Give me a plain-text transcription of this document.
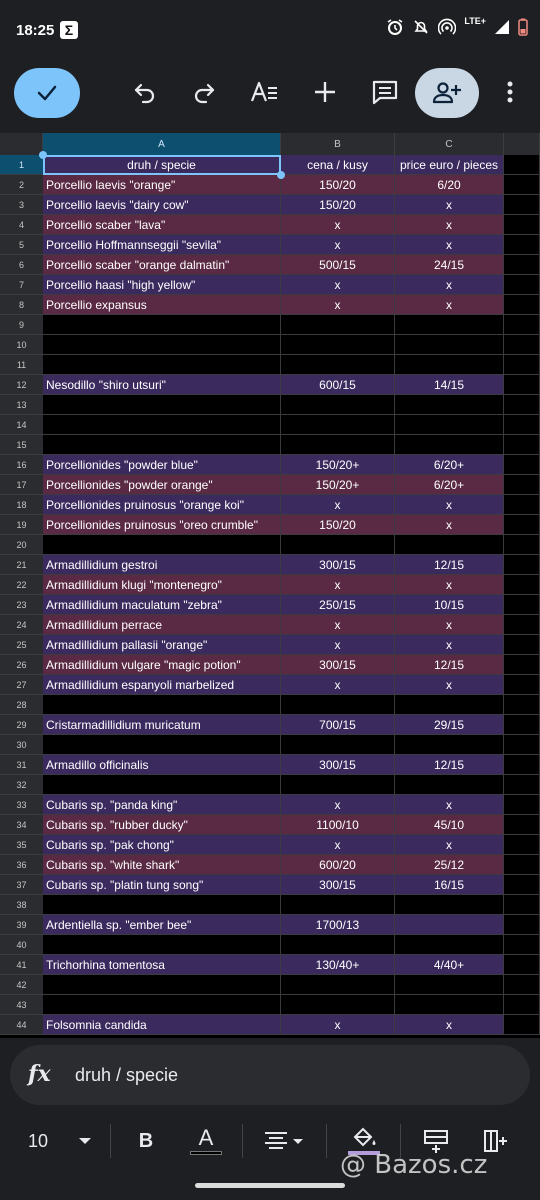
18:25 Σ
LTE+
A	B	C
1	druh / specie	cena / kusy	price euro / pieces
2	Porcellio laevis "orange"	150/20	6/20
3	Porcellio laevis "dairy cow"	150/20	x
4	Porcellio scaber "lava"	x	x
5	Porcellio Hoffmannseggii "sevila"	x	x
6	Porcellio scaber "orange dalmatin"	500/15	24/15
7	Porcellio haasi "high yellow"	x	x
8	Porcellio expansus	x	x
9
10
11
12	Nesodillo "shiro utsuri"	600/15	14/15
13
14
15
16	Porcellionides "powder blue"	150/20+	6/20+
17	Porcellionides "powder orange"	150/20+	6/20+
18	Porcellionides pruinosus "orange koi"	x	x
19	Porcellionides pruinosus "oreo crumble"	150/20	x
20
21	Armadillidium gestroi	300/15	12/15
22	Armadillidium klugi "montenegro"	x	x
23	Armadillidium maculatum "zebra"	250/15	10/15
24	Armadillidium perrace	x	x
25	Armadillidium pallasii "orange"	x	x
26	Armadillidium vulgare "magic potion"	300/15	12/15
27	Armadillidium espanyoli marbelized	x	x
28
29	Cristarmadillidium muricatum	700/15	29/15
30
31	Armadillo officinalis	300/15	12/15
32
33	Cubaris sp. "panda king"	x	x
34	Cubaris sp. "rubber ducky"	1100/10	45/10
35	Cubaris sp. "pak chong"	x	x
36	Cubaris sp. "white shark"	600/20	25/12
37	Cubaris sp. "platin tung song"	300/15	16/15
38
39	Ardentiella sp. "ember bee"	1700/13
40
41	Trichorhina tomentosa	130/40+	4/40+
42
43
44	Folsomnia candida	x	x
fx druh / specie
10	B A
@ Bazos.cz
